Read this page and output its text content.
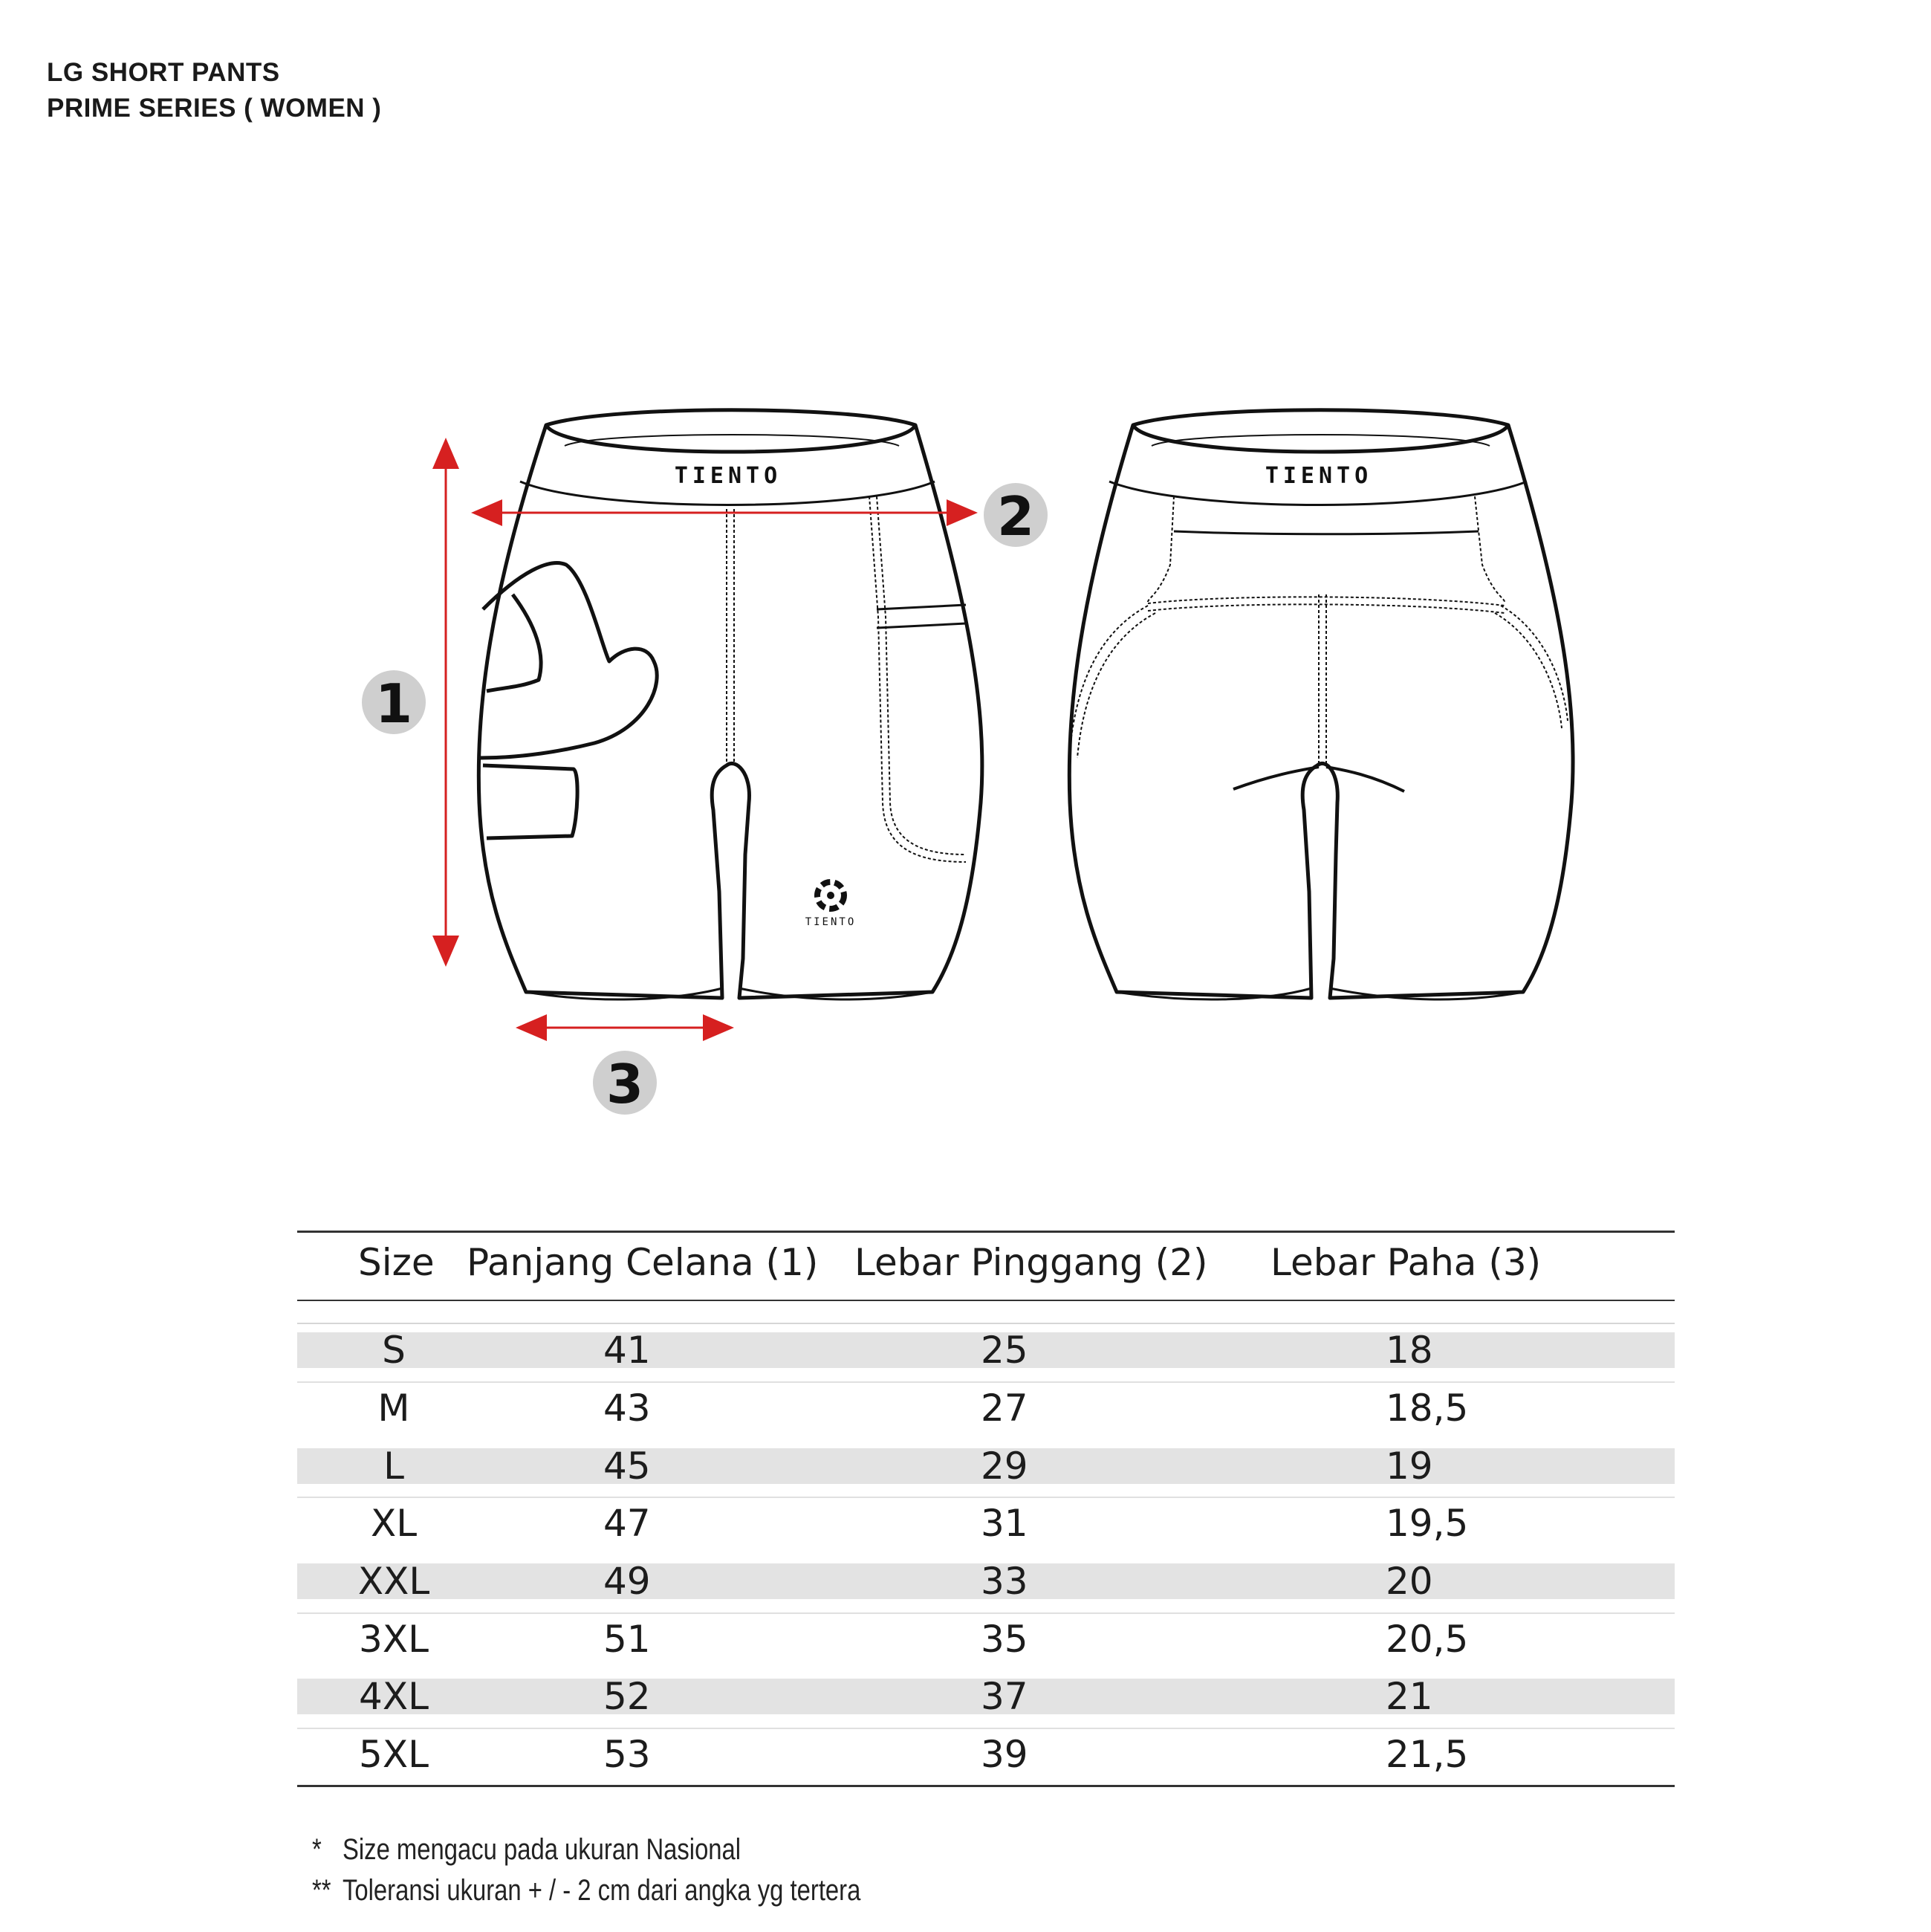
LG SHORT PANTS
PRIME SERIES ( WOMEN )
TIENTO
TIENTO
TIENTO
1
2
3
Size Panjang Celana (1) Lebar Pinggang (2) Lebar Paha (3)
S	41	25	18
M	43	27	18,5
L	45	29	19
XL	47	31	19,5
XXL	49	33	20
3XL	51	35	20,5
4XL	52	37	21
5XL	53	39	21,5
* Size mengacu pada ukuran Nasional
** Toleransi ukuran + / - 2 cm dari angka yg tertera
